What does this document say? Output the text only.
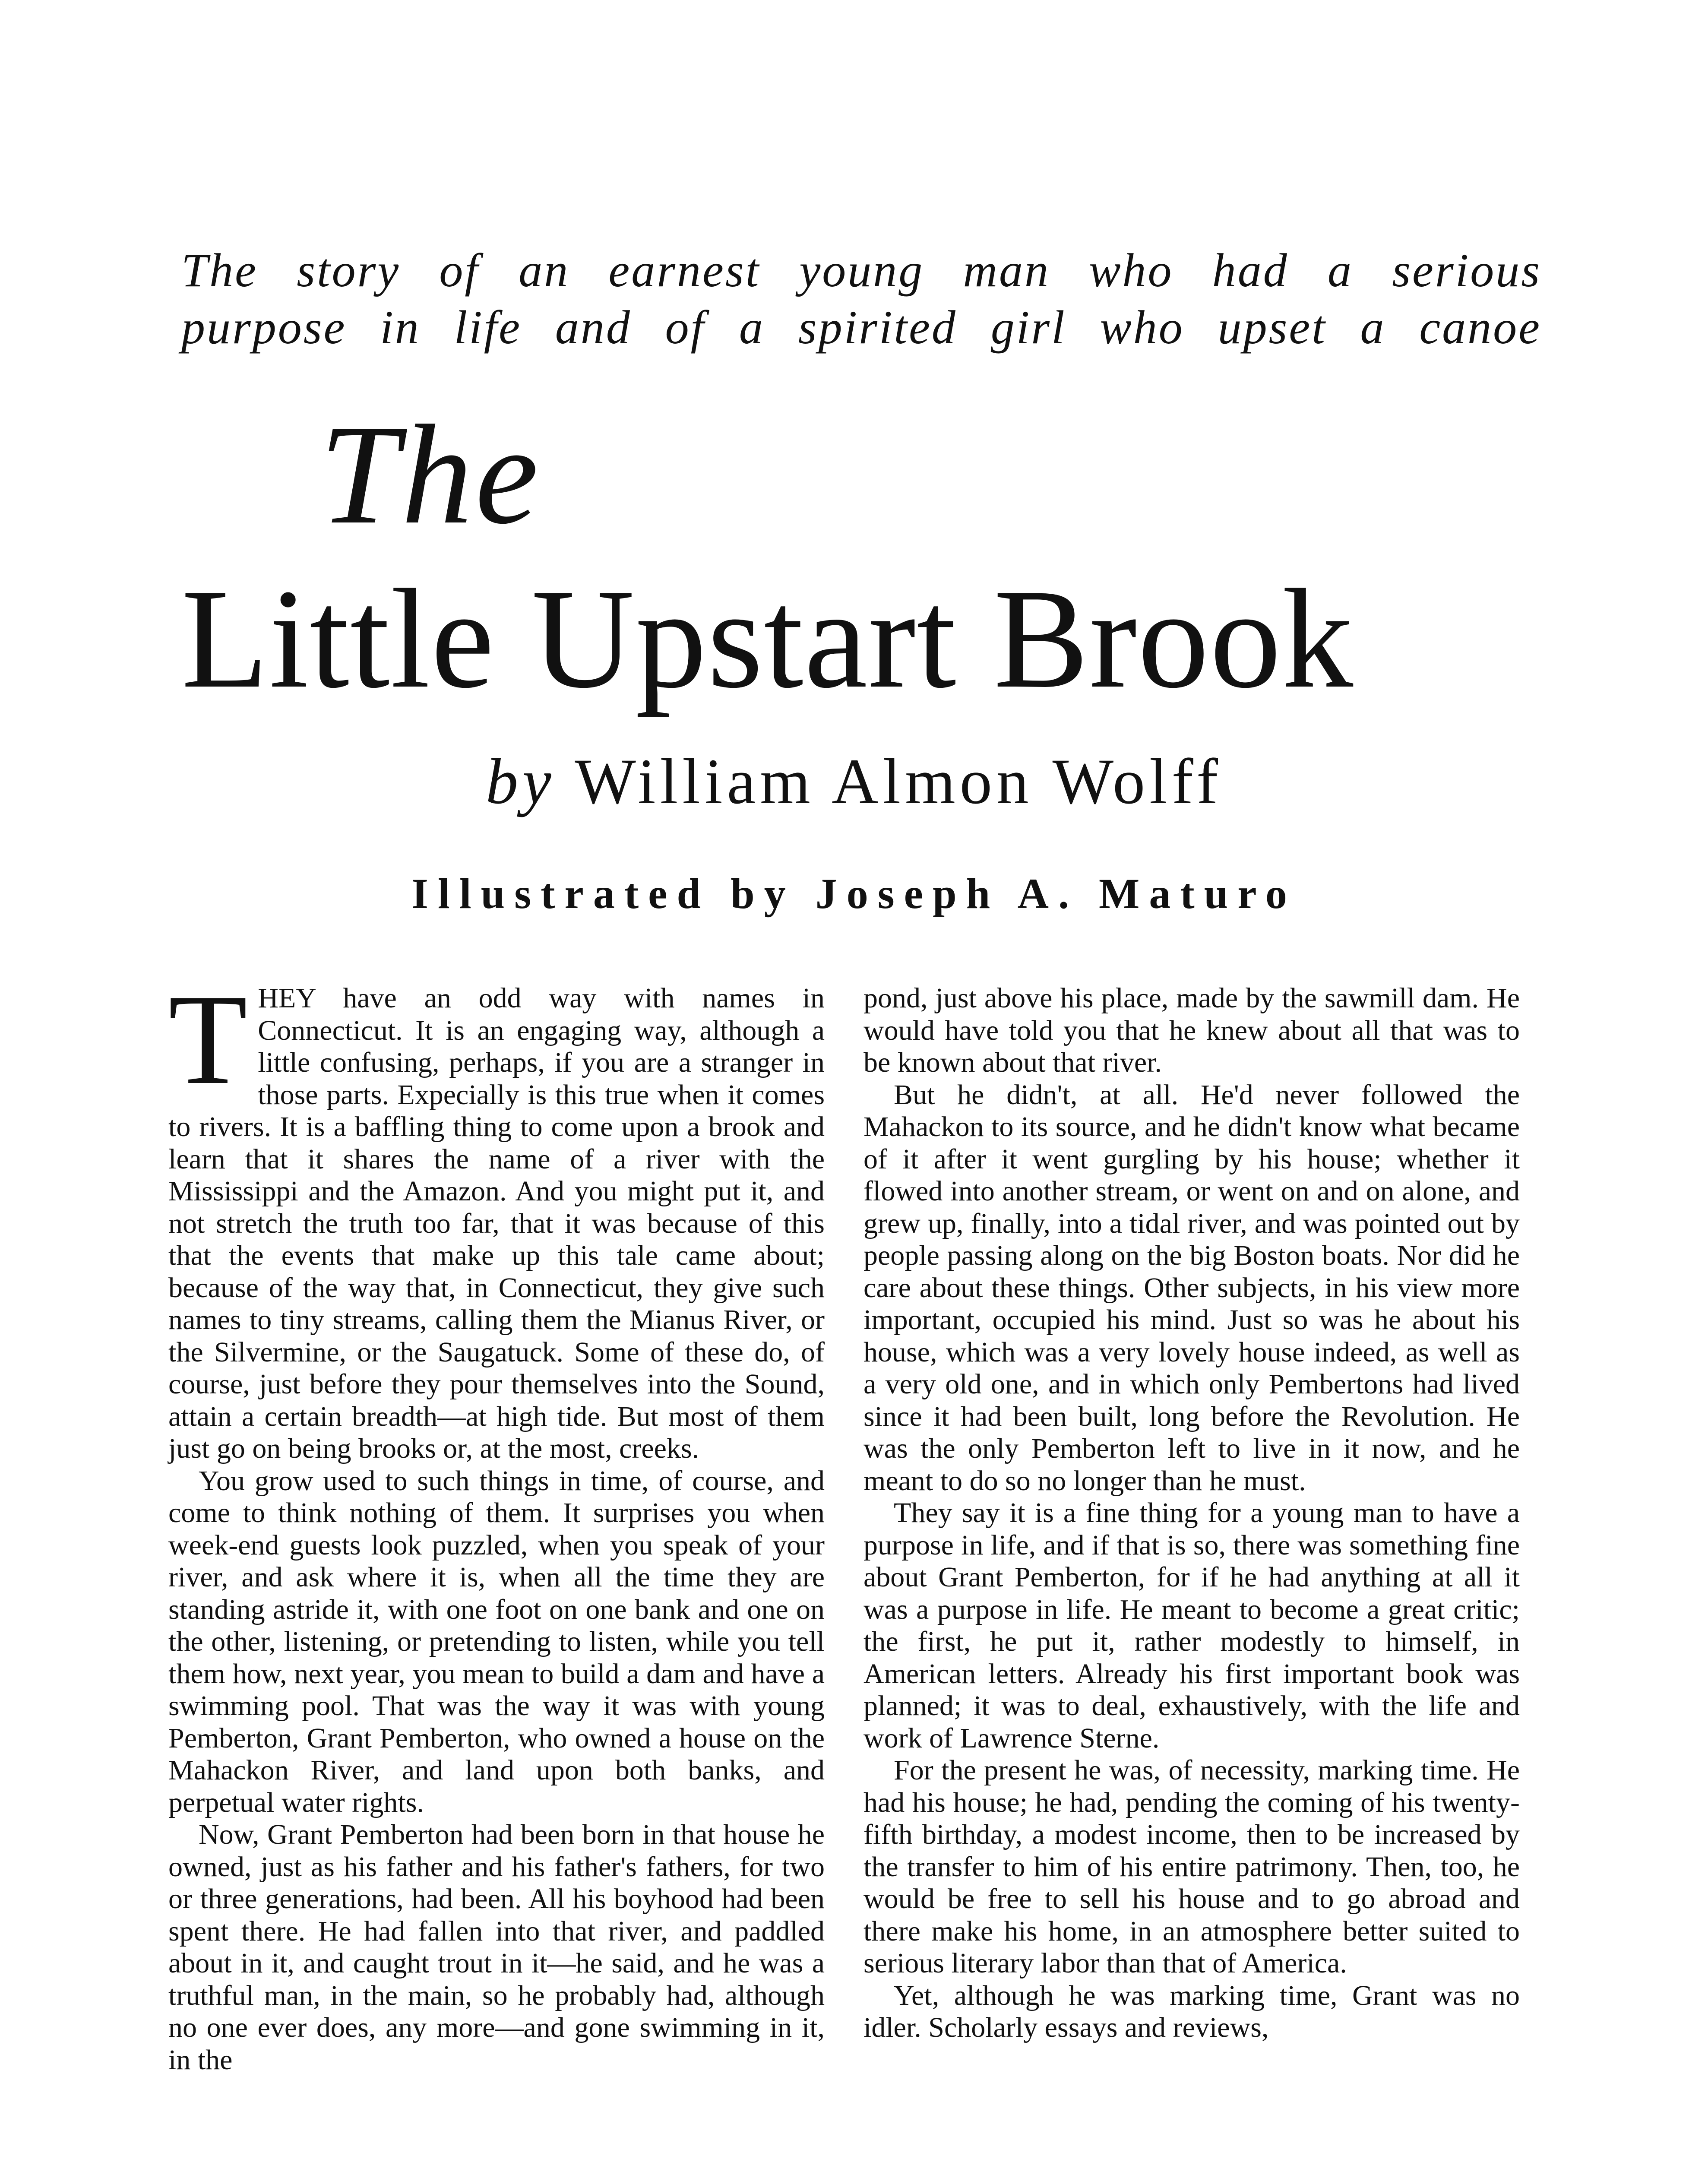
The story of an earnest young man who had a serious
purpose in life and of a spirited girl who upset a canoe
The
Little Upstart Brook
by William Almon Wolff
Illustrated by Joseph A. Maturo

THEY have an odd way with names in Connecticut. It is an engaging way, although a little confusing, perhaps, if you are a stranger in those parts. Expecially is this true when it comes to rivers. It is a baffling thing to come upon a brook and learn that it shares the name of a river with the Mississippi and the Amazon. And you might put it, and not stretch the truth too far, that it was because of this that the events that make up this tale came about; because of the way that, in Connecticut, they give such names to tiny streams, calling them the Mianus River, or the Silvermine, or the Saugatuck. Some of these do, of course, just before they pour themselves into the Sound, attain a certain breadth—at high tide. But most of them just go on being brooks or, at the most, creeks.

You grow used to such things in time, of course, and come to think nothing of them. It surprises you when week-end guests look puzzled, when you speak of your river, and ask where it is, when all the time they are standing astride it, with one foot on one bank and one on the other, listening, or pretending to listen, while you tell them how, next year, you mean to build a dam and have a swimming pool. That was the way it was with young Pemberton, Grant Pemberton, who owned a house on the Mahackon River, and land upon both banks, and perpetual water rights.

Now, Grant Pemberton had been born in that house he owned, just as his father and his father's fathers, for two or three generations, had been. All his boyhood had been spent there. He had fallen into that river, and paddled about in it, and caught trout in it—he said, and he was a truthful man, in the main, so he probably had, although no one ever does, any more—and gone swimming in it, in the

pond, just above his place, made by the sawmill dam. He would have told you that he knew about all that was to be known about that river.

But he didn't, at all. He'd never followed the Mahackon to its source, and he didn't know what became of it after it went gurgling by his house; whether it flowed into another stream, or went on and on alone, and grew up, finally, into a tidal river, and was pointed out by people passing along on the big Boston boats. Nor did he care about these things. Other subjects, in his view more important, occupied his mind. Just so was he about his house, which was a very lovely house indeed, as well as a very old one, and in which only Pembertons had lived since it had been built, long before the Revolution. He was the only Pemberton left to live in it now, and he meant to do so no longer than he must.

They say it is a fine thing for a young man to have a purpose in life, and if that is so, there was something fine about Grant Pemberton, for if he had anything at all it was a purpose in life. He meant to become a great critic; the first, he put it, rather modestly to himself, in American letters. Already his first important book was planned; it was to deal, exhaustively, with the life and work of Lawrence Sterne.

For the present he was, of necessity, marking time. He had his house; he had, pending the coming of his twenty-fifth birthday, a modest income, then to be increased by the transfer to him of his entire patrimony. Then, too, he would be free to sell his house and to go abroad and there make his home, in an atmosphere better suited to serious literary labor than that of America.

Yet, although he was marking time, Grant was no idler. Scholarly essays and reviews,
